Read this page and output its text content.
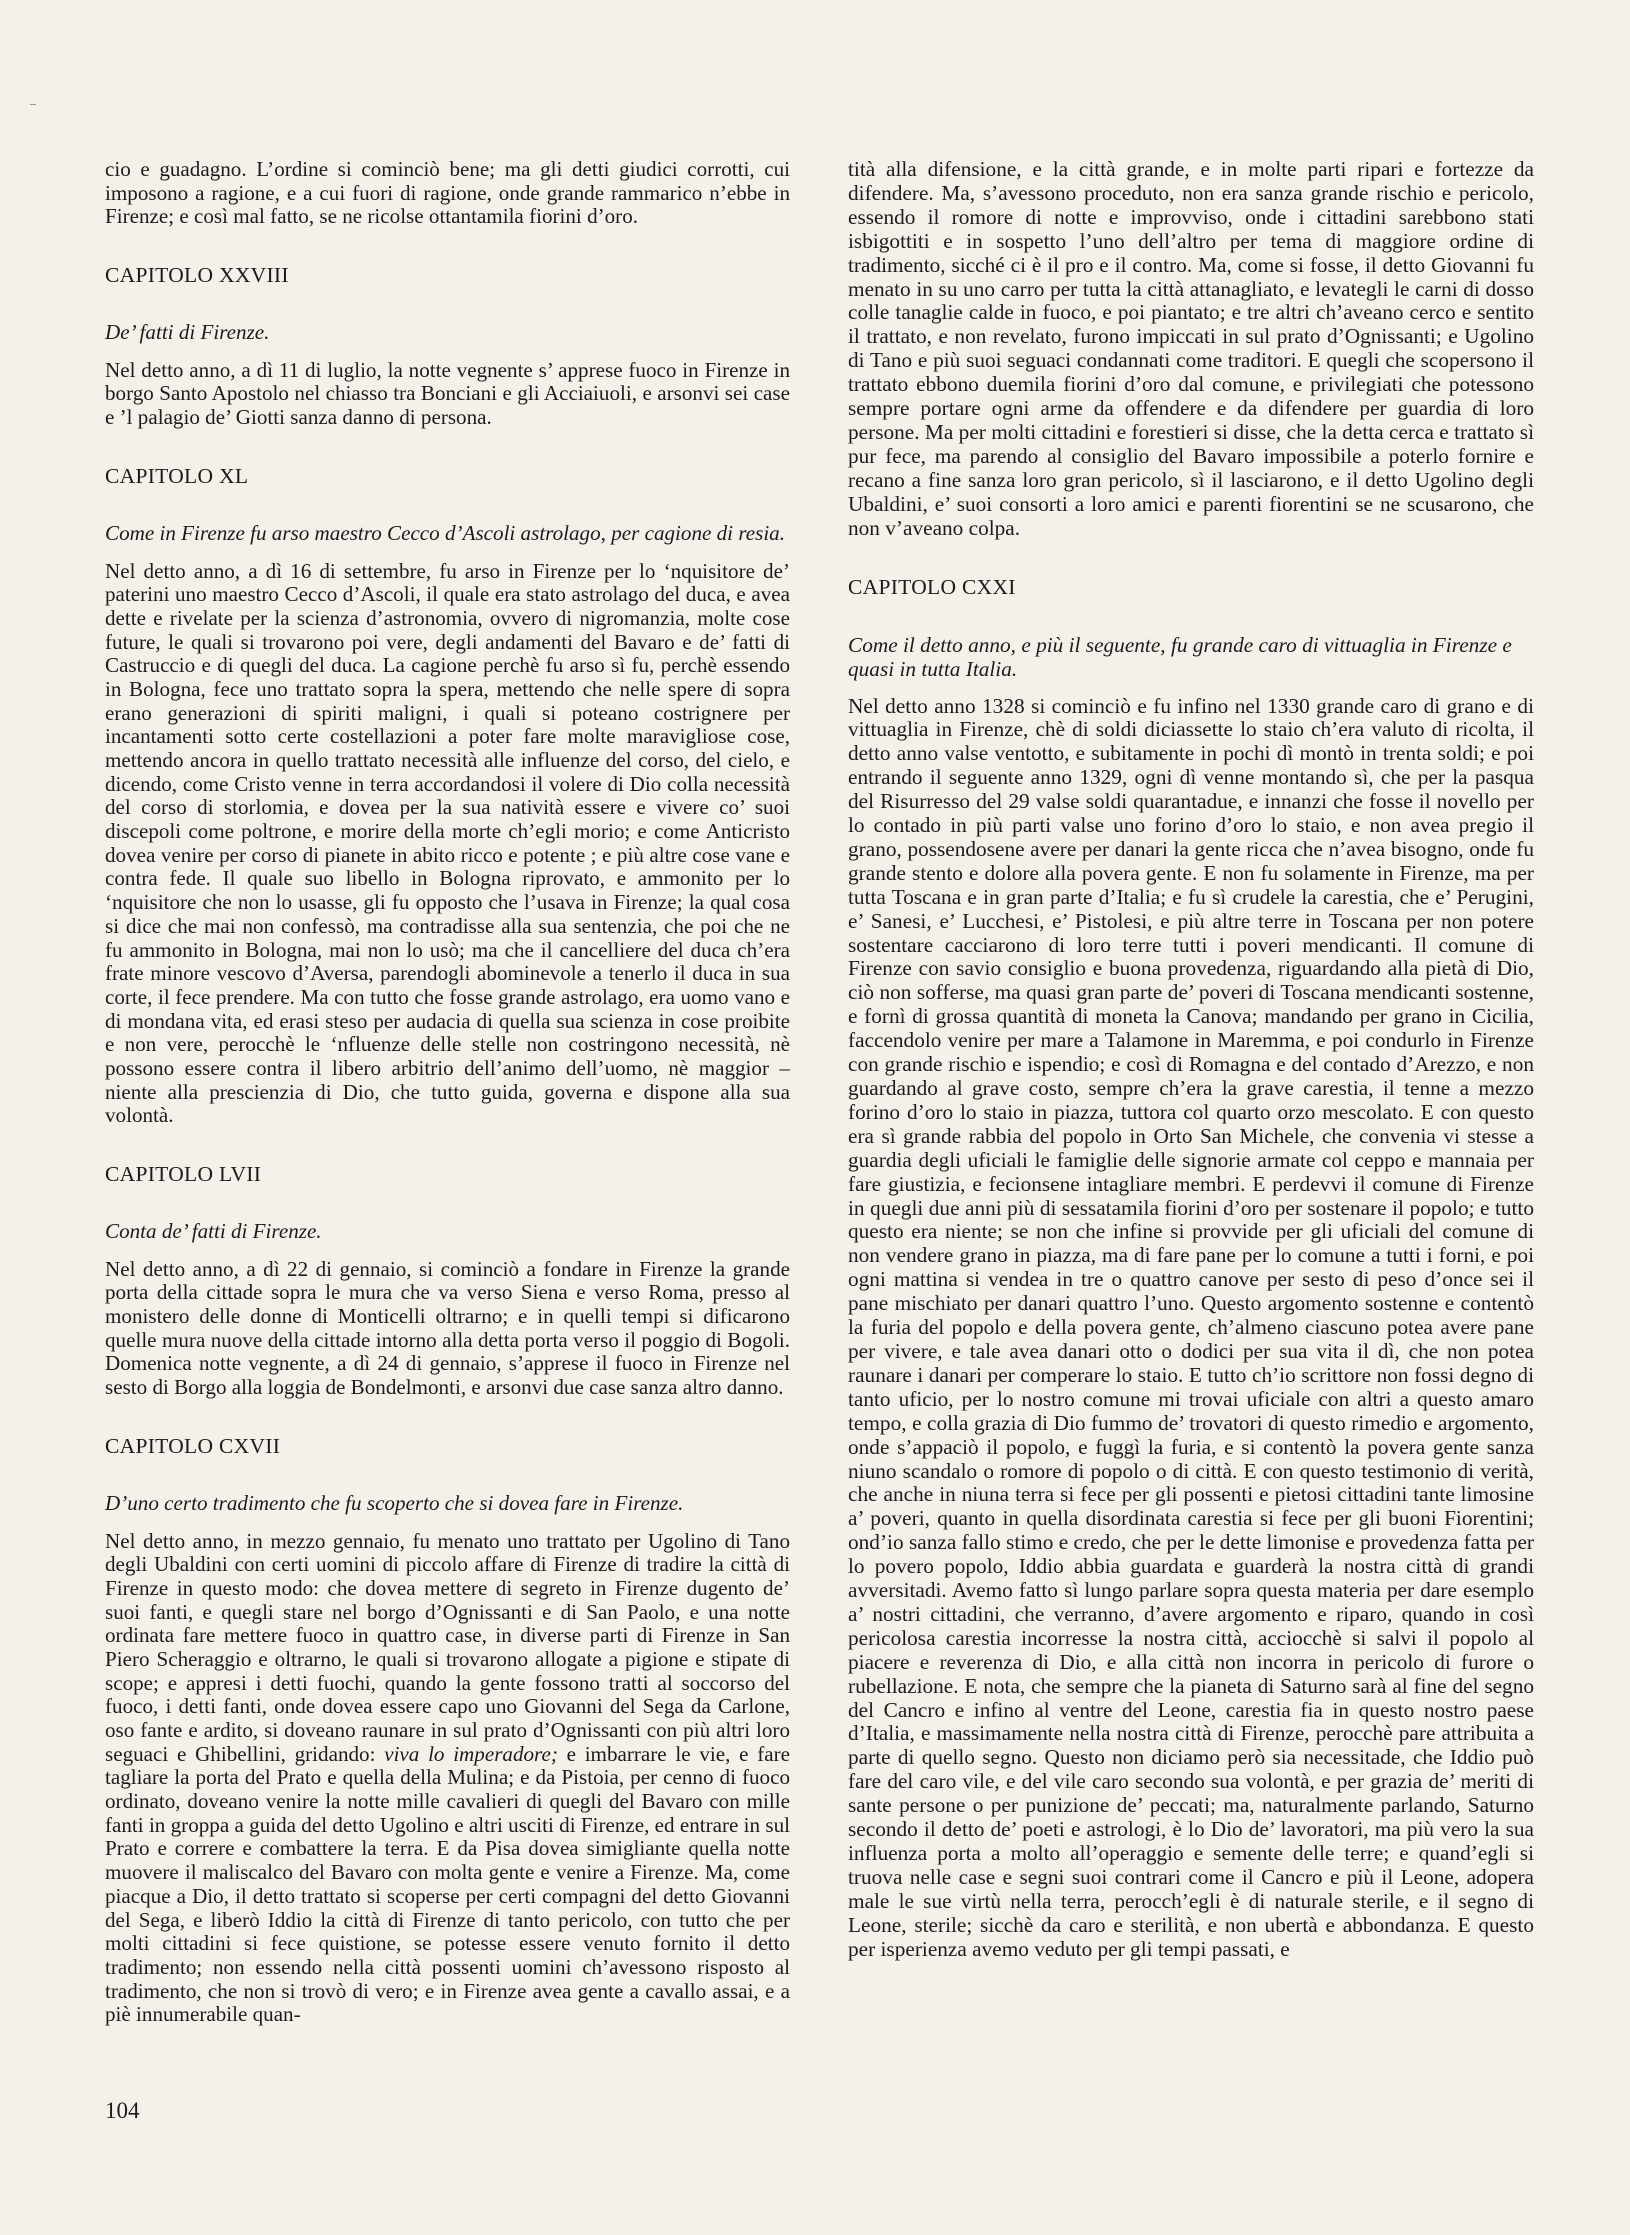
cio e guadagno. L’ordine si cominciò bene; ma gli detti giudici corrotti, cui imposono a ragione, e a cui fuori di ragione, onde grande rammarico n’ebbe in Firenze; e così mal fatto, se ne ricolse ottantamila fiorini d’oro.

CAPITOLO XXVIII
De’ fatti di Firenze.

Nel detto anno, a dì 11 di luglio, la notte vegnente s’ apprese fuoco in Firenze in borgo Santo Apostolo nel chiasso tra Bonciani e gli Acciaiuoli, e arsonvi sei case e ’l palagio de’ Giotti sanza danno di persona.

CAPITOLO XL
Come in Firenze fu arso maestro Cecco d’Ascoli astrolago, per cagione di resia.

Nel detto anno, a dì 16 di settembre, fu arso in Firenze per lo ‘nquisitore de’ paterini uno maestro Cecco d’Ascoli, il quale era stato astrolago del duca, e avea dette e rivelate per la scienza d’astronomia, ovvero di nigromanzia, molte cose future, le quali si trovarono poi vere, degli andamenti del Bavaro e de’ fatti di Castruccio e di quegli del duca. La cagione perchè fu arso sì fu, perchè essendo in Bologna, fece uno trattato sopra la spera, mettendo che nelle spere di sopra erano generazioni di spiriti maligni, i quali si poteano costrignere per incantamenti sotto certe costellazioni a poter fare molte maravigliose cose, mettendo ancora in quello trattato necessità alle influenze del corso, del cielo, e dicendo, come Cristo venne in terra accordandosi il volere di Dio colla necessità del corso di storlomia, e dovea per la sua natività essere e vivere co’ suoi discepoli come poltrone, e morire della morte ch’egli morio; e come Anticristo dovea venire per corso di pianete in abito ricco e potente ; e più altre cose vane e contra fede. Il quale suo libello in Bologna riprovato, e ammonito per lo ‘nquisitore che non lo usasse, gli fu opposto che l’usava in Firenze; la qual cosa si dice che mai non confessò, ma contradisse alla sua sentenzia, che poi che ne fu ammonito in Bologna, mai non lo usò; ma che il cancelliere del duca ch’era frate minore vescovo d’Aversa, parendogli abominevole a tenerlo il duca in sua corte, il fece prendere. Ma con tutto che fosse grande astrolago, era uomo vano e di mondana vita, ed erasi steso per audacia di quella sua scienza in cose proibite e non vere, perocchè le ‘nfluenze delle stelle non costringono necessità, nè possono essere contra il libero arbitrio dell’animo dell’uomo, nè maggior – niente alla prescienzia di Dio, che tutto guida, governa e dispone alla sua volontà.

CAPITOLO LVII
Conta de’ fatti di Firenze.

Nel detto anno, a dì 22 di gennaio, si cominciò a fondare in Firenze la grande porta della cittade sopra le mura che va verso Siena e verso Roma, presso al monistero delle donne di Monticelli oltrarno; e in quelli tempi si dificarono quelle mura nuove della cittade intorno alla detta porta verso il poggio di Bogoli. Domenica notte vegnente, a dì 24 di gennaio, s’apprese il fuoco in Firenze nel sesto di Borgo alla loggia de Bondelmonti, e arsonvi due case sanza altro danno.

CAPITOLO CXVII
D’uno certo tradimento che fu scoperto che si dovea fare in Firenze.

Nel detto anno, in mezzo gennaio, fu menato uno trattato per Ugolino di Tano degli Ubaldini con certi uomini di piccolo affare di Firenze di tradire la città di Firenze in questo modo: che dovea mettere di segreto in Firenze dugento de’ suoi fanti, e quegli stare nel borgo d’Ognissanti e di San Paolo, e una notte ordinata fare mettere fuoco in quattro case, in diverse parti di Firenze in San Piero Scheraggio e oltrarno, le quali si trovarono allogate a pigione e stipate di scope; e appresi i detti fuochi, quando la gente fossono tratti al soccorso del fuoco, i detti fanti, onde dovea essere capo uno Giovanni del Sega da Carlone, oso fante e ardito, si doveano raunare in sul prato d’Ognissanti con più altri loro seguaci e Ghibellini, gridando: viva lo imperadore; e imbarrare le vie, e fare tagliare la porta del Prato e quella della Mulina; e da Pistoia, per cenno di fuoco ordinato, doveano venire la notte mille cavalieri di quegli del Bavaro con mille fanti in groppa a guida del detto Ugolino e altri usciti di Firenze, ed entrare in sul Prato e correre e combattere la terra. E da Pisa dovea simigliante quella notte muovere il maliscalco del Bavaro con molta gente e venire a Firenze. Ma, come piacque a Dio, il detto trattato si scoperse per certi compagni del detto Giovanni del Sega, e liberò Iddio la città di Firenze di tanto pericolo, con tutto che per molti cittadini si fece quistione, se potesse essere venuto fornito il detto tradimento; non essendo nella città possenti uomini ch’avessono risposto al tradimento, che non si trovò di vero; e in Firenze avea gente a cavallo assai, e a piè innumerabile quan-

tità alla difensione, e la città grande, e in molte parti ripari e fortezze da difendere. Ma, s’avessono proceduto, non era sanza grande rischio e pericolo, essendo il romore di notte e improvviso, onde i cittadini sarebbono stati isbigottiti e in sospetto l’uno dell’altro per tema di maggiore ordine di tradimento, sicché ci è il pro e il contro. Ma, come si fosse, il detto Giovanni fu menato in su uno carro per tutta la città attanagliato, e levategli le carni di dosso colle tanaglie calde in fuoco, e poi piantato; e tre altri ch’aveano cerco e sentito il trattato, e non revelato, furono impiccati in sul prato d’Ognissanti; e Ugolino di Tano e più suoi seguaci condannati come traditori. E quegli che scopersono il trattato ebbono duemila fiorini d’oro dal comune, e privilegiati che potessono sempre portare ogni arme da offendere e da difendere per guardia di loro persone. Ma per molti cittadini e forestieri si disse, che la detta cerca e trattato sì pur fece, ma parendo al consiglio del Bavaro impossibile a poterlo fornire e recano a fine sanza loro gran pericolo, sì il lasciarono, e il detto Ugolino degli Ubaldini, e’ suoi consorti a loro amici e parenti fiorentini se ne scusarono, che non v’aveano colpa.

CAPITOLO CXXI
Come il detto anno, e più il seguente, fu grande caro di vittuaglia in Firenze e quasi in tutta Italia.

Nel detto anno 1328 si cominciò e fu infino nel 1330 grande caro di grano e di vittuaglia in Firenze, chè di soldi diciassette lo staio ch’era valuto di ricolta, il detto anno valse ventotto, e subitamente in pochi dì montò in trenta soldi; e poi entrando il seguente anno 1329, ogni dì venne montando sì, che per la pasqua del Risurresso del 29 valse soldi quarantadue, e innanzi che fosse il novello per lo contado in più parti valse uno forino d’oro lo staio, e non avea pregio il grano, possendosene avere per danari la gente ricca che n’avea bisogno, onde fu grande stento e dolore alla povera gente. E non fu solamente in Firenze, ma per tutta Toscana e in gran parte d’Italia; e fu sì crudele la carestia, che e’ Perugini, e’ Sanesi, e’ Lucchesi, e’ Pistolesi, e più altre terre in Toscana per non potere sostentare cacciarono di loro terre tutti i poveri mendicanti. Il comune di Firenze con savio consiglio e buona provedenza, riguardando alla pietà di Dio, ciò non sofferse, ma quasi gran parte de’ poveri di Toscana mendicanti sostenne, e fornì di grossa quantità di moneta la Canova; mandando per grano in Cicilia, faccendolo venire per mare a Talamone in Maremma, e poi condurlo in Firenze con grande rischio e ispendio; e così di Romagna e del contado d’Arezzo, e non guardando al grave costo, sempre ch’era la grave carestia, il tenne a mezzo forino d’oro lo staio in piazza, tuttora col quarto orzo mescolato. E con questo era sì grande rabbia del popolo in Orto San Michele, che convenia vi stesse a guardia degli uficiali le famiglie delle signorie armate col ceppo e mannaia per fare giustizia, e fecionsene intagliare membri. E perdevvi il comune di Firenze in quegli due anni più di sessatamila fiorini d’oro per sostenare il popolo; e tutto questo era niente; se non che infine si provvide per gli uficiali del comune di non vendere grano in piazza, ma di fare pane per lo comune a tutti i forni, e poi ogni mattina si vendea in tre o quattro canove per sesto di peso d’once sei il pane mischiato per danari quattro l’uno. Questo argomento sostenne e contentò la furia del popolo e della povera gente, ch’almeno ciascuno potea avere pane per vivere, e tale avea danari otto o dodici per sua vita il dì, che non potea raunare i danari per comperare lo staio. E tutto ch’io scrittore non fossi degno di tanto uficio, per lo nostro comune mi trovai uficiale con altri a questo amaro tempo, e colla grazia di Dio fummo de’ trovatori di questo rimedio e argomento, onde s’appaciò il popolo, e fuggì la furia, e si contentò la povera gente sanza niuno scandalo o romore di popolo o di città. E con questo testimonio di verità, che anche in niuna terra si fece per gli possenti e pietosi cittadini tante limosine a’ poveri, quanto in quella disordinata carestia si fece per gli buoni Fiorentini; ond’io sanza fallo stimo e credo, che per le dette limonise e provedenza fatta per lo povero popolo, Iddio abbia guardata e guarderà la nostra città di grandi avversitadi. Avemo fatto sì lungo parlare sopra questa materia per dare esemplo a’ nostri cittadini, che verranno, d’avere argomento e riparo, quando in così pericolosa carestia incorresse la nostra città, acciocchè si salvi il popolo al piacere e reverenza di Dio, e alla città non incorra in pericolo di furore o rubellazione. E nota, che sempre che la pianeta di Saturno sarà al fine del segno del Cancro e infino al ventre del Leone, carestia fia in questo nostro paese d’Italia, e massimamente nella nostra città di Firenze, perocchè pare attribuita a parte di quello segno. Questo non diciamo però sia necessitade, che Iddio può fare del caro vile, e del vile caro secondo sua volontà, e per grazia de’ meriti di sante persone o per punizione de’ peccati; ma, naturalmente parlando, Saturno secondo il detto de’ poeti e astrologi, è lo Dio de’ lavoratori, ma più vero la sua influenza porta a molto all’operaggio e semente delle terre; e quand’egli si truova nelle case e segni suoi contrari come il Cancro e più il Leone, adopera male le sue virtù nella terra, perocch’egli è di naturale sterile, e il segno di Leone, sterile; sicchè da caro e sterilità, e non ubertà e abbondanza. E questo per isperienza avemo veduto per gli tempi passati, e

104
